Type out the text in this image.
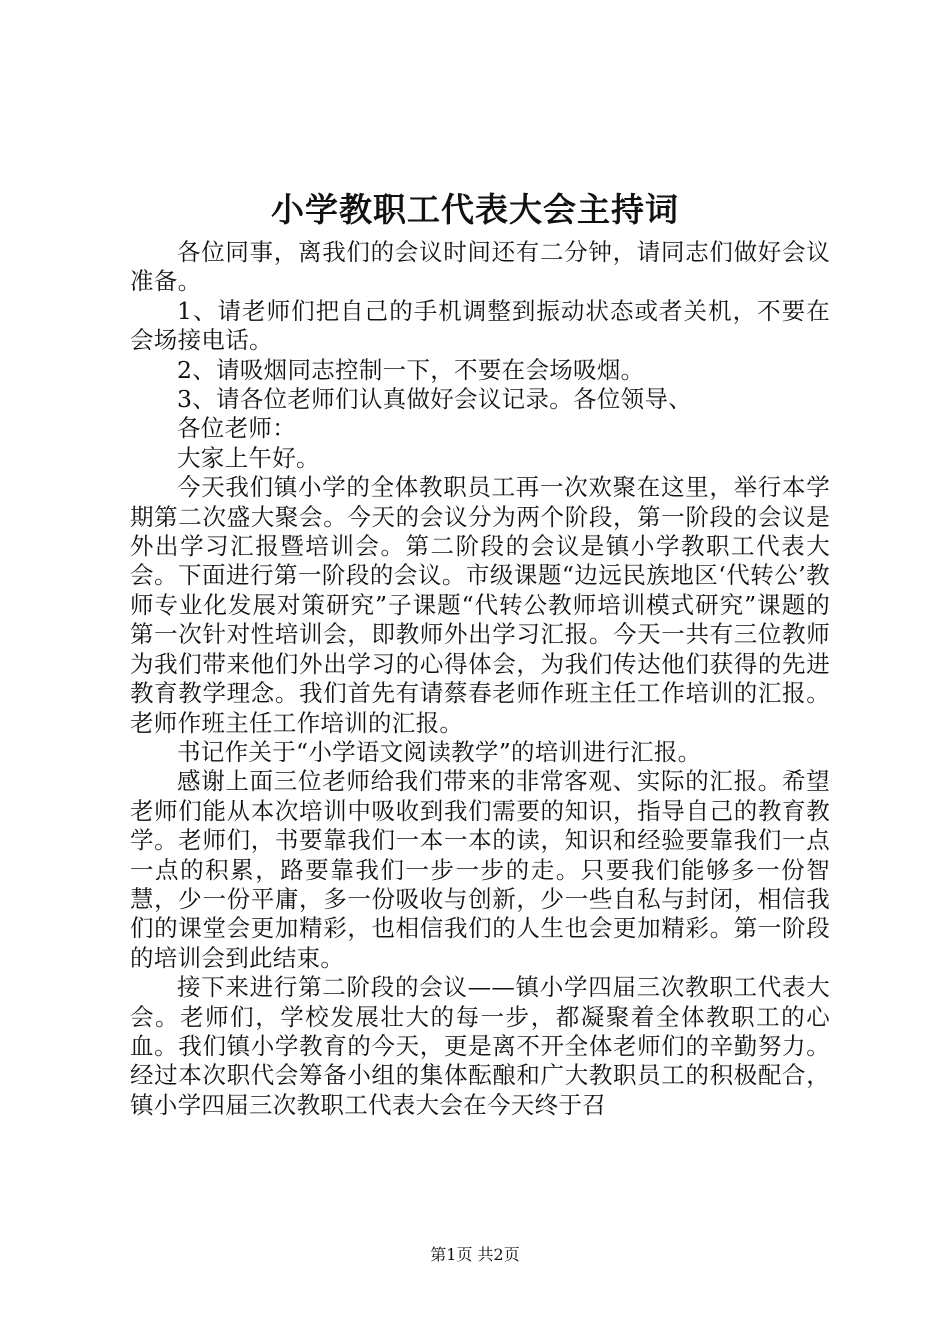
小学教职工代表大会主持词

各位同事，离我们的会议时间还有二分钟，请同志们做好会议准备。

1、请老师们把自己的手机调整到振动状态或者关机，不要在会场接电话。

2、请吸烟同志控制一下，不要在会场吸烟。

3、请各位老师们认真做好会议记录。各位领导、

各位老师：

大家上午好。

今天我们镇小学的全体教职员工再一次欢聚在这里，举行本学期第二次盛大聚会。今天的会议分为两个阶段，第一阶段的会议是外出学习汇报暨培训会。第二阶段的会议是镇小学教职工代表大会。下面进行第一阶段的会议。市级课题“边远民族地区‘代转公’教师专业化发展对策研究”子课题“代转公教师培训模式研究”课题的第一次针对性培训会，即教师外出学习汇报。今天一共有三位教师为我们带来他们外出学习的心得体会，为我们传达他们获得的先进教育教学理念。我们首先有请蔡春老师作班主任工作培训的汇报。老师作班主任工作培训的汇报。

书记作关于“小学语文阅读教学”的培训进行汇报。

感谢上面三位老师给我们带来的非常客观、实际的汇报。希望老师们能从本次培训中吸收到我们需要的知识，指导自己的教育教学。老师们，书要靠我们一本一本的读，知识和经验要靠我们一点一点的积累，路要靠我们一步一步的走。只要我们能够多一份智慧，少一份平庸，多一份吸收与创新，少一些自私与封闭，相信我们的课堂会更加精彩，也相信我们的人生也会更加精彩。第一阶段的培训会到此结束。

接下来进行第二阶段的会议——镇小学四届三次教职工代表大会。老师们，学校发展壮大的每一步，都凝聚着全体教职工的心血。我们镇小学教育的今天，更是离不开全体老师们的辛勤努力。经过本次职代会筹备小组的集体酝酿和广大教职员工的积极配合，镇小学四届三次教职工代表大会在今天终于召

第1页 共2页
